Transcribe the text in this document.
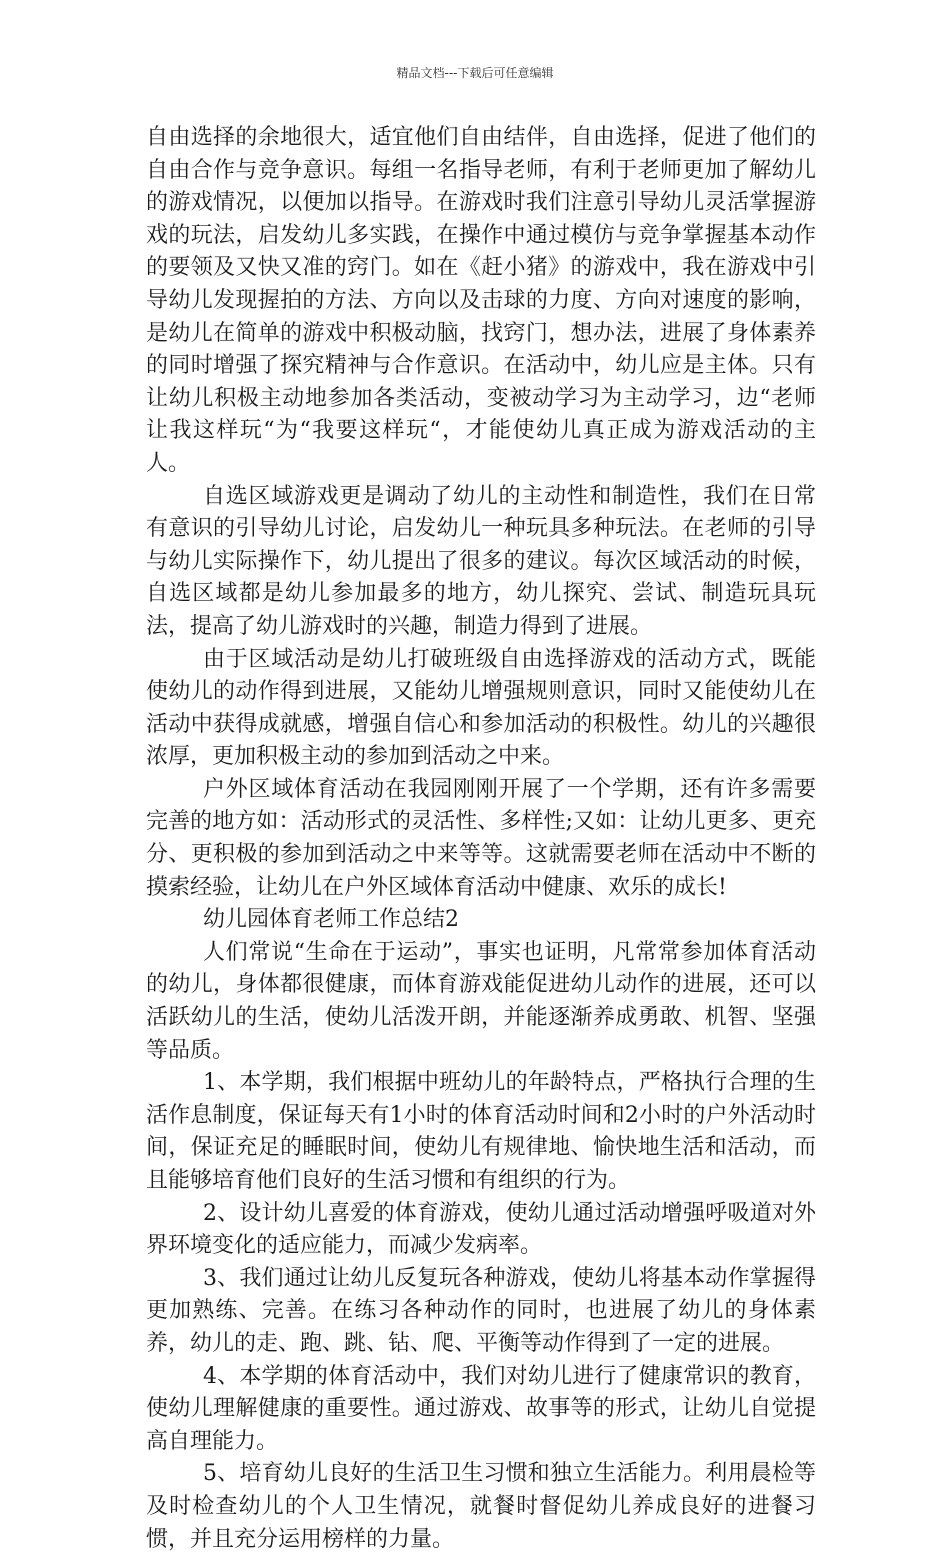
精品文档---下载后可任意编辑

自由选择的余地很大，适宜他们自由结伴，自由选择，促进了他们的自由合作与竞争意识。每组一名指导老师，有利于老师更加了解幼儿的游戏情况，以便加以指导。在游戏时我们注意引导幼儿灵活掌握游戏的玩法，启发幼儿多实践，在操作中通过模仿与竞争掌握基本动作的要领及又快又准的窍门。如在《赶小猪》的游戏中，我在游戏中引导幼儿发现握拍的方法、方向以及击球的力度、方向对速度的影响，是幼儿在简单的游戏中积极动脑，找窍门，想办法，进展了身体素养的同时增强了探究精神与合作意识。在活动中，幼儿应是主体。只有让幼儿积极主动地参加各类活动，变被动学习为主动学习，边“老师让我这样玩“为“我要这样玩“，才能使幼儿真正成为游戏活动的主人。

自选区域游戏更是调动了幼儿的主动性和制造性，我们在日常有意识的引导幼儿讨论，启发幼儿一种玩具多种玩法。在老师的引导与幼儿实际操作下，幼儿提出了很多的建议。每次区域活动的时候，自选区域都是幼儿参加最多的地方，幼儿探究、尝试、制造玩具玩法，提高了幼儿游戏时的兴趣，制造力得到了进展。

由于区域活动是幼儿打破班级自由选择游戏的活动方式，既能使幼儿的动作得到进展，又能幼儿增强规则意识，同时又能使幼儿在活动中获得成就感，增强自信心和参加活动的积极性。幼儿的兴趣很浓厚，更加积极主动的参加到活动之中来。

户外区域体育活动在我园刚刚开展了一个学期，还有许多需要完善的地方如：活动形式的灵活性、多样性;又如：让幼儿更多、更充分、更积极的参加到活动之中来等等。这就需要老师在活动中不断的摸索经验，让幼儿在户外区域体育活动中健康、欢乐的成长!

幼儿园体育老师工作总结2

人们常说“生命在于运动”，事实也证明，凡常常参加体育活动的幼儿，身体都很健康，而体育游戏能促进幼儿动作的进展，还可以活跃幼儿的生活，使幼儿活泼开朗，并能逐渐养成勇敢、机智、坚强等品质。

1、本学期，我们根据中班幼儿的年龄特点，严格执行合理的生活作息制度，保证每天有1小时的体育活动时间和2小时的户外活动时间，保证充足的睡眠时间，使幼儿有规律地、愉快地生活和活动，而且能够培育他们良好的生活习惯和有组织的行为。

2、设计幼儿喜爱的体育游戏，使幼儿通过活动增强呼吸道对外界环境变化的适应能力，而减少发病率。

3、我们通过让幼儿反复玩各种游戏，使幼儿将基本动作掌握得更加熟练、完善。在练习各种动作的同时，也进展了幼儿的身体素养，幼儿的走、跑、跳、钻、爬、平衡等动作得到了一定的进展。

4、本学期的体育活动中，我们对幼儿进行了健康常识的教育，使幼儿理解健康的重要性。通过游戏、故事等的形式，让幼儿自觉提高自理能力。

5、培育幼儿良好的生活卫生习惯和独立生活能力。利用晨检等及时检查幼儿的个人卫生情况，就餐时督促幼儿养成良好的进餐习惯，并且充分运用榜样的力量。
